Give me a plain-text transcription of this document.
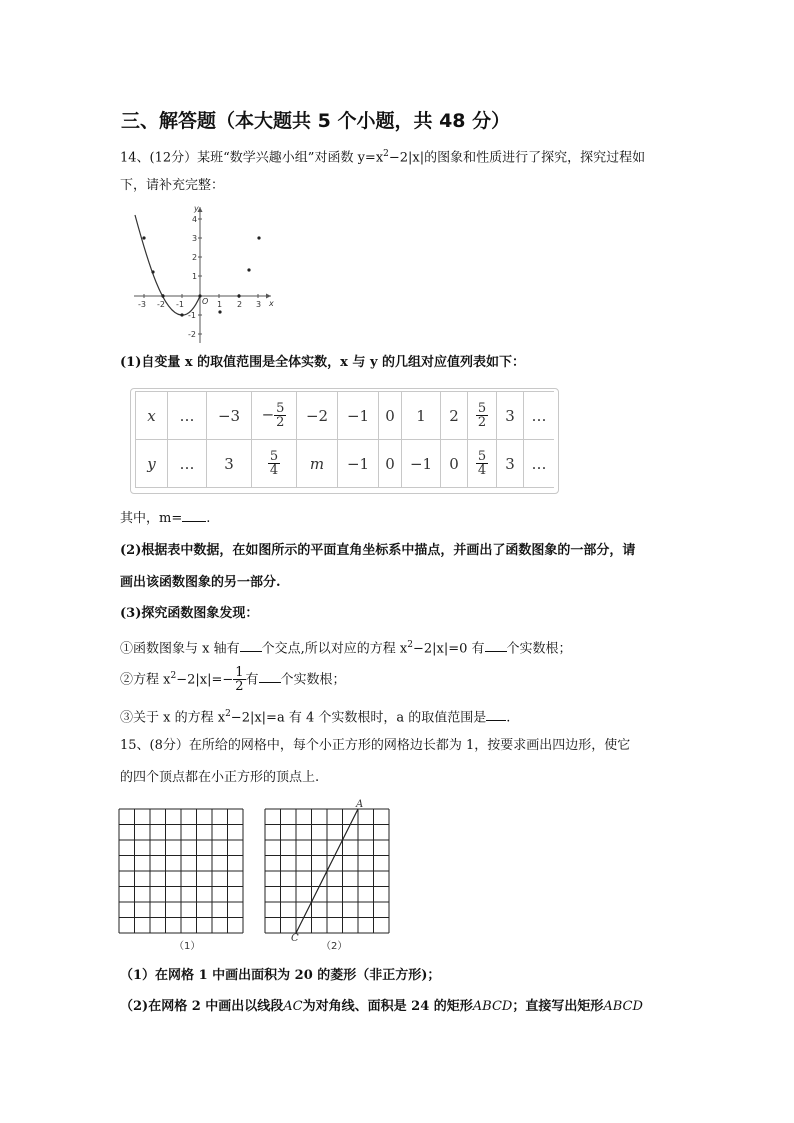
三、解答题（本大题共 5 个小题，共 48 分）
14、(12分）某班“数学兴趣小组”对函数 $y=x^2-2|x|$的图象和性质进行了探究，探究过程如
下，请补充完整：
y
x
O
-3 -2 -1	1 2 3
4
3
2
1
-1
-2
(1)自变量 x 的取值范围是全体实数，x 与 y 的几组对应值列表如下：
x	…	−3	− $\frac{5}{2}$	−2	−1	0	1	2	$\frac{5}{2}$	3	…
y	…	3	$\frac{5}{4}$	m	−1	0	−1	0	$\frac{5}{4}$	3	…
其中，m= .
(2)根据表中数据，在如图所示的平面直角坐标系中描点，并画出了函数图象的一部分，请
画出该函数图象的另一部分.
(3)探究函数图象发现：
①函数图象与 x 轴有 个交点,所以对应的方程 $x^2-2|x|=0$ 有 个实数根；
②方程 $x^2-2|x|=- \frac{1}{2}$ 有 个实数根；
③关于 x 的方程 $x^2-2|x|=a$ 有 4 个实数根时，a 的取值范围是 .
15、(8分）在所给的网格中，每个小正方形的网格边长都为 1，按要求画出四边形，使它
的四个顶点都在小正方形的顶点上.
（1）
A
C
（2）
（1）在网格 1 中画出面积为 20 的菱形（非正方形)；
（2)在网格 2 中画出以线段AC为对角线、面积是 24 的矩形ABCD；直接写出矩形ABCD
